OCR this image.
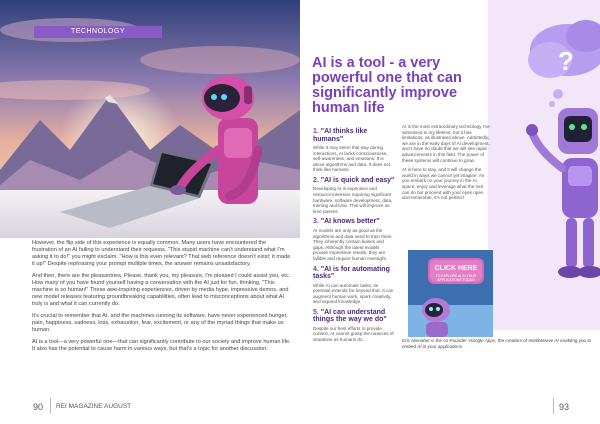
TECHNOLOGY

However, the flip side of this experience is equally common. Many users have encountered the frustration of an AI failing to understand their requests. "This stupid machine can't understand what I'm asking it to do!" you might exclaim. "How is this even relevant? That web reference doesn't exist; it made it up!" Despite rephrasing your prompt multiple times, the answer remains unsatisfactory.

And then, there are the pleasantries. Please, thank you, my pleasure, I'm pleased I could assist you, etc. How many of you have found yourself having a conversation with the AI just for fun, thinking, "This machine is so human!" These awe-inspiring experiences, driven by media hype, impressive demos, and new model releases featuring groundbreaking capabilities, often lead to misconceptions about what AI truly is and what it can currently do.

It's crucial to remember that AI, and the machines running its software, have never experienced hunger, pain, happiness, sadness, loss, exhaustion, fear, excitement, or any of the myriad things that make us human.

AI is a tool—a very powerful one—that can significantly contribute to our society and improve human life. It also has the potential to cause harm in various ways, but that's a topic for another discussion.

90 REI MAGAZINE AUGUST
?
AI is a tool - a very powerful one that can significantly improve human life
1. "AI thinks like humans"

While it may seem that way during interactions, AI lacks consciousness, self-awareness, and emotions. It is about algorithms and data. It does not think like humans.

2. "AI is quick and easy"

Developing AI is expensive and resource-intensive requiring significant hardware, software development, data, training and time. This will improve as time passes.

3. "AI knows better"

AI models are only as good as the algorithms and data used to train them. They inherently contain biases and gaps. Although the latest models provide impressive results, they are fallible and require human oversight.

4. "AI is for automating tasks"

While AI can automate tasks, its potential extends far beyond that. It can augment human work, spark creativity, and expand knowledge.

5. "AI can understand things the way we do"

Despite our best efforts to provide context, AI cannot grasp the nuances of situations as humans do.

AI is the most extraordinary technology I've witnessed in my lifetime, but it has limitations, as illustrated above. Admittedly, we are in the early days of AI development, and I have no doubt that we will see rapid advancements in this field. The power of these systems will continue to grow.

AI is here to stay, and it will change the world in ways we cannot yet imagine. As you embark on your journey in the AI space, enjoy and leverage what the tool can do but proceed with your eyes open and remember, it's not perfect!

CLICK HERE
TO EXPLORE AI IN YOUR APPLICATIONS TODAY!
Eric Nienaber is the co-Founder Ytangle Apps, the creators of IntelliWeave AI enabling you to embed AI in your applications.
93
